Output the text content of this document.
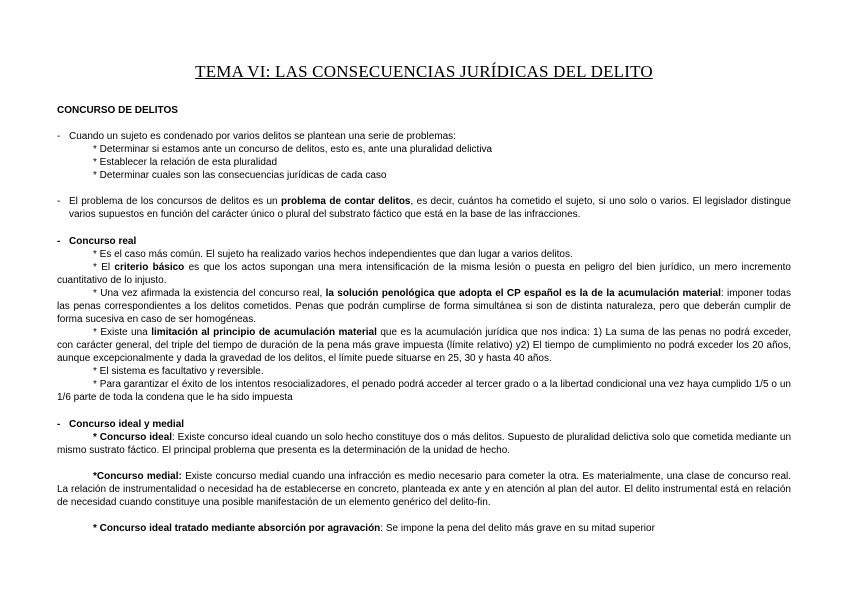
TEMA VI: LAS CONSECUENCIAS JURÍDICAS DEL DELITO
CONCURSO DE DELITOS

- Cuando un sujeto es condenado por varios delitos se plantean una serie de problemas:

* Determinar si estamos ante un concurso de delitos, esto es, ante una pluralidad delictiva

* Establecer la relación de esta pluralidad

* Determinar cuales son las consecuencias jurídicas de cada caso

- El problema de los concursos de delitos es un problema de contar delitos, es decir, cuántos ha cometido el sujeto, si uno solo o varios. El legislador distingue varios supuestos en función del carácter único o plural del substrato fáctico que está en la base de las infracciones.

- Concurso real

* Es el caso más común. El sujeto ha realizado varios hechos independientes que dan lugar a varios delitos.

* El criterio básico es que los actos supongan una mera intensificación de la misma lesión o puesta en peligro del bien jurídico, un mero incremento cuantitativo de lo injusto.

* Una vez afirmada la existencia del concurso real, la solución penológica que adopta el CP español es la de la acumulación material: imponer todas las penas correspondientes a los delitos cometidos. Penas que podrán cumplirse de forma simultánea si son de distinta naturaleza, pero que deberán cumplir de forma sucesiva en caso de ser homogéneas.

* Existe una limitación al principio de acumulación material que es la acumulación jurídica que nos indica: 1) La suma de las penas no podrá exceder, con carácter general, del triple del tiempo de duración de la pena más grave impuesta (límite relativo) y2) El tiempo de cumplimiento no podrá exceder los 20 años, aunque excepcionalmente y dada la gravedad de los delitos, el límite puede situarse en 25, 30 y hasta 40 años.

* El sistema es facultativo y reversible.

* Para garantizar el éxito de los intentos resocializadores, el penado podrá acceder al tercer grado o a la libertad condicional una vez haya cumplido 1/5 o un 1/6 parte de toda la condena que le ha sido impuesta

- Concurso ideal y medial

* Concurso ideal: Existe concurso ideal cuando un solo hecho constituye dos o más delitos. Supuesto de pluralidad delictiva solo que cometida mediante un mismo sustrato fáctico. El principal problema que presenta es la determinación de la unidad de hecho.

*Concurso medial: Existe concurso medial cuando una infracción es medio necesario para cometer la otra. Es materialmente, una clase de concurso real. La relación de instrumentalidad o necesidad ha de establecerse en concreto, planteada ex ante y en atención al plan del autor. El delito instrumental está en relación de necesidad cuando constituye una posible manifestación de un elemento genérico del delito-fin.

* Concurso ideal tratado mediante absorción por agravación: Se impone la pena del delito más grave en su mitad superior
